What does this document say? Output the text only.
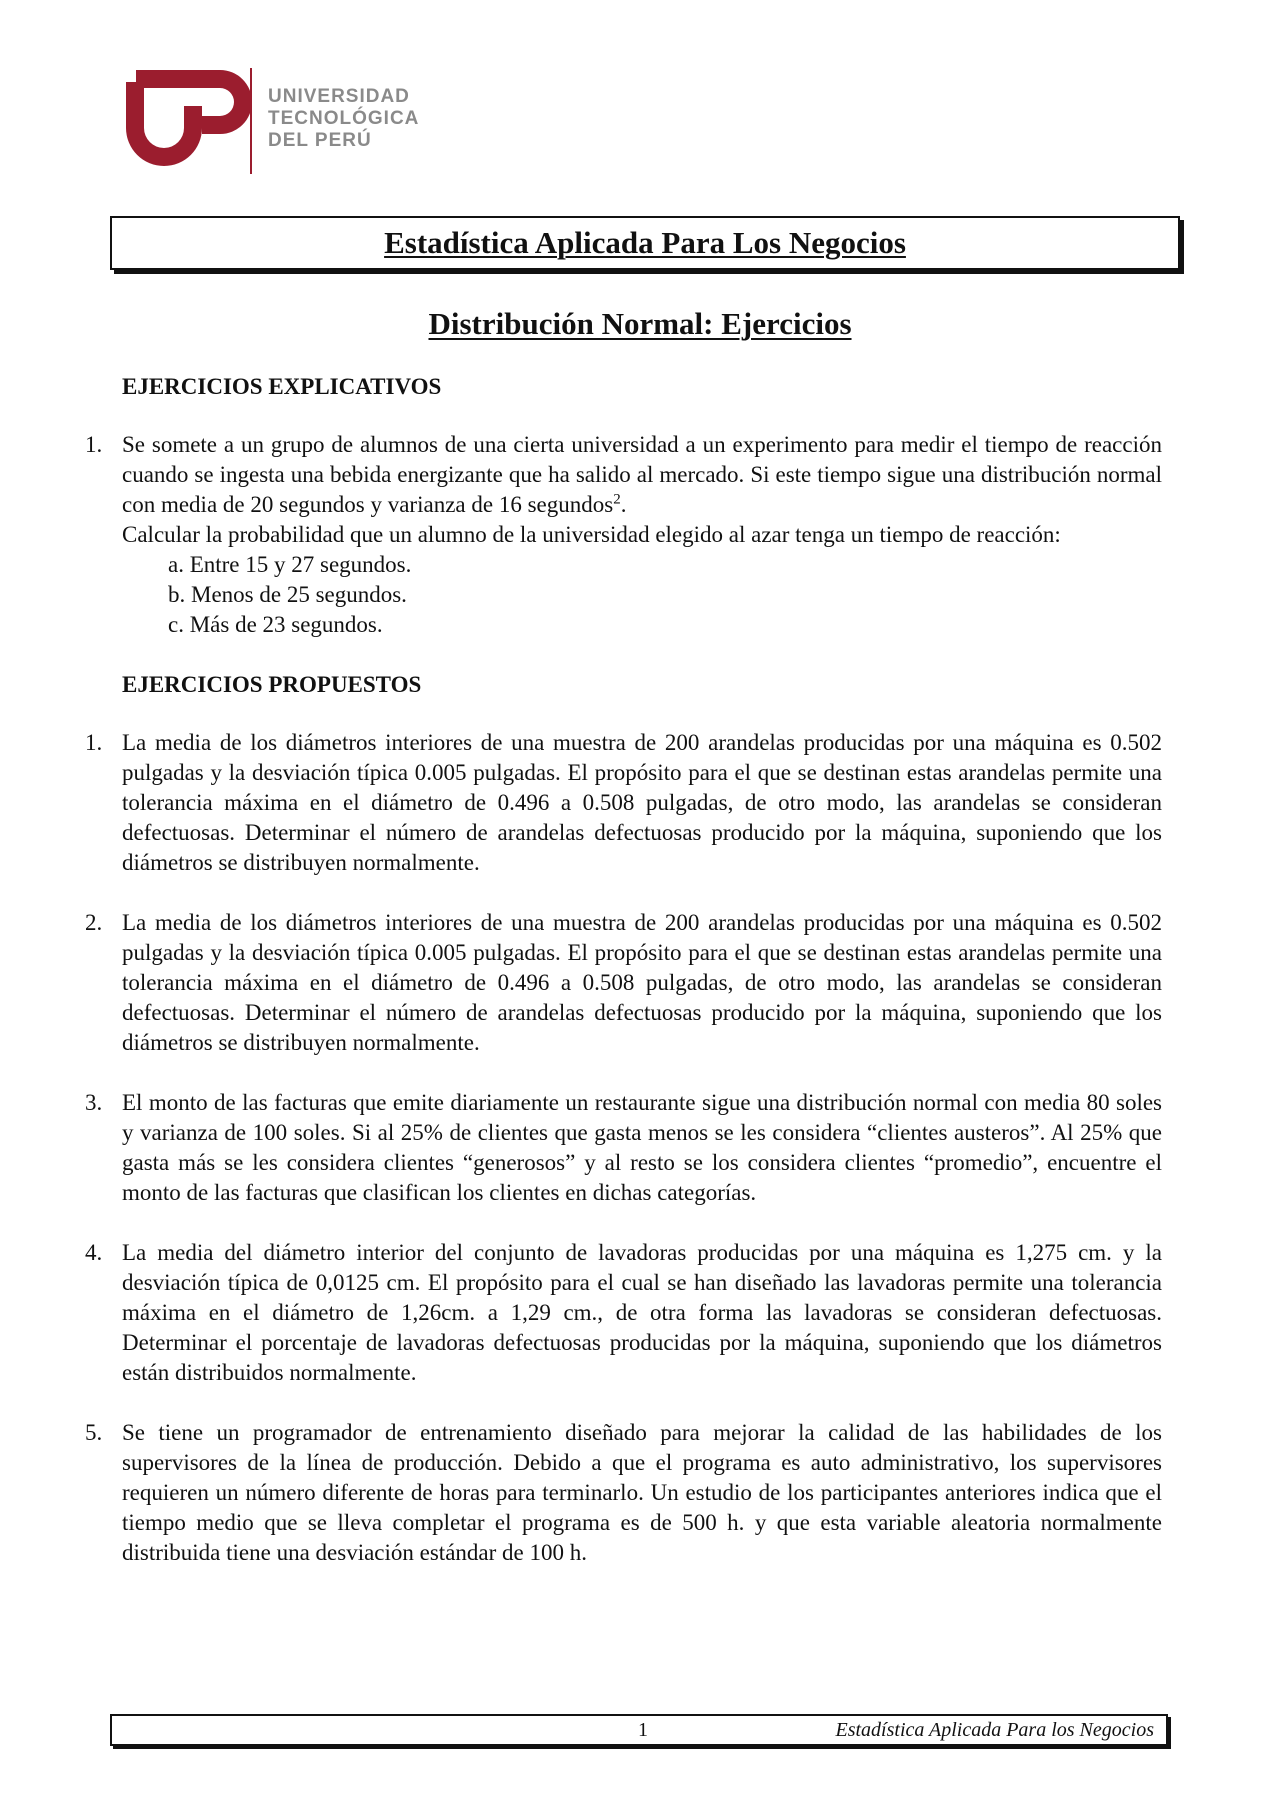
UNIVERSIDAD
TECNOLÓGICA
DEL PERÚ
Estadística Aplicada Para Los Negocios
Distribución Normal: Ejercicios
EJERCICIOS EXPLICATIVOS
1. Se somete a un grupo de alumnos de una cierta universidad a un experimento para medir el tiempo de reacción cuando se ingesta una bebida energizante que ha salido al mercado. Si este tiempo sigue una distribución normal con media de 20 segundos y varianza de 16 segundos$^2$.

Calcular la probabilidad que un alumno de la universidad elegido al azar tenga un tiempo de reacción:

a. Entre 15 y 27 segundos.
b. Menos de 25 segundos.
c. Más de 23 segundos.
EJERCICIOS PROPUESTOS
1. La media de los diámetros interiores de una muestra de 200 arandelas producidas por una máquina es 0.502 pulgadas y la desviación típica 0.005 pulgadas. El propósito para el que se destinan estas arandelas permite una tolerancia máxima en el diámetro de 0.496 a 0.508 pulgadas, de otro modo, las arandelas se consideran defectuosas. Determinar el número de arandelas defectuosas producido por la máquina, suponiendo que los diámetros se distribuyen normalmente.

2. La media de los diámetros interiores de una muestra de 200 arandelas producidas por una máquina es 0.502 pulgadas y la desviación típica 0.005 pulgadas. El propósito para el que se destinan estas arandelas permite una tolerancia máxima en el diámetro de 0.496 a 0.508 pulgadas, de otro modo, las arandelas se consideran defectuosas. Determinar el número de arandelas defectuosas producido por la máquina, suponiendo que los diámetros se distribuyen normalmente.

3. El monto de las facturas que emite diariamente un restaurante sigue una distribución normal con media 80 soles y varianza de 100 soles. Si al 25% de clientes que gasta menos se les considera “clientes austeros”. Al 25% que gasta más se les considera clientes “generosos” y al resto se los considera clientes “promedio”, encuentre el monto de las facturas que clasifican los clientes en dichas categorías.

4. La media del diámetro interior del conjunto de lavadoras producidas por una máquina es 1,275 cm. y la desviación típica de 0,0125 cm. El propósito para el cual se han diseñado las lavadoras permite una tolerancia máxima en el diámetro de 1,26cm. a 1,29 cm., de otra forma las lavadoras se consideran defectuosas. Determinar el porcentaje de lavadoras defectuosas producidas por la máquina, suponiendo que los diámetros están distribuidos normalmente.

5. Se tiene un programador de entrenamiento diseñado para mejorar la calidad de las habilidades de los supervisores de la línea de producción. Debido a que el programa es auto administrativo, los supervisores requieren un número diferente de horas para terminarlo. Un estudio de los participantes anteriores indica que el tiempo medio que se lleva completar el programa es de 500 h. y que esta variable aleatoria normalmente distribuida tiene una desviación estándar de 100 h.

1	Estadística Aplicada Para los Negocios
